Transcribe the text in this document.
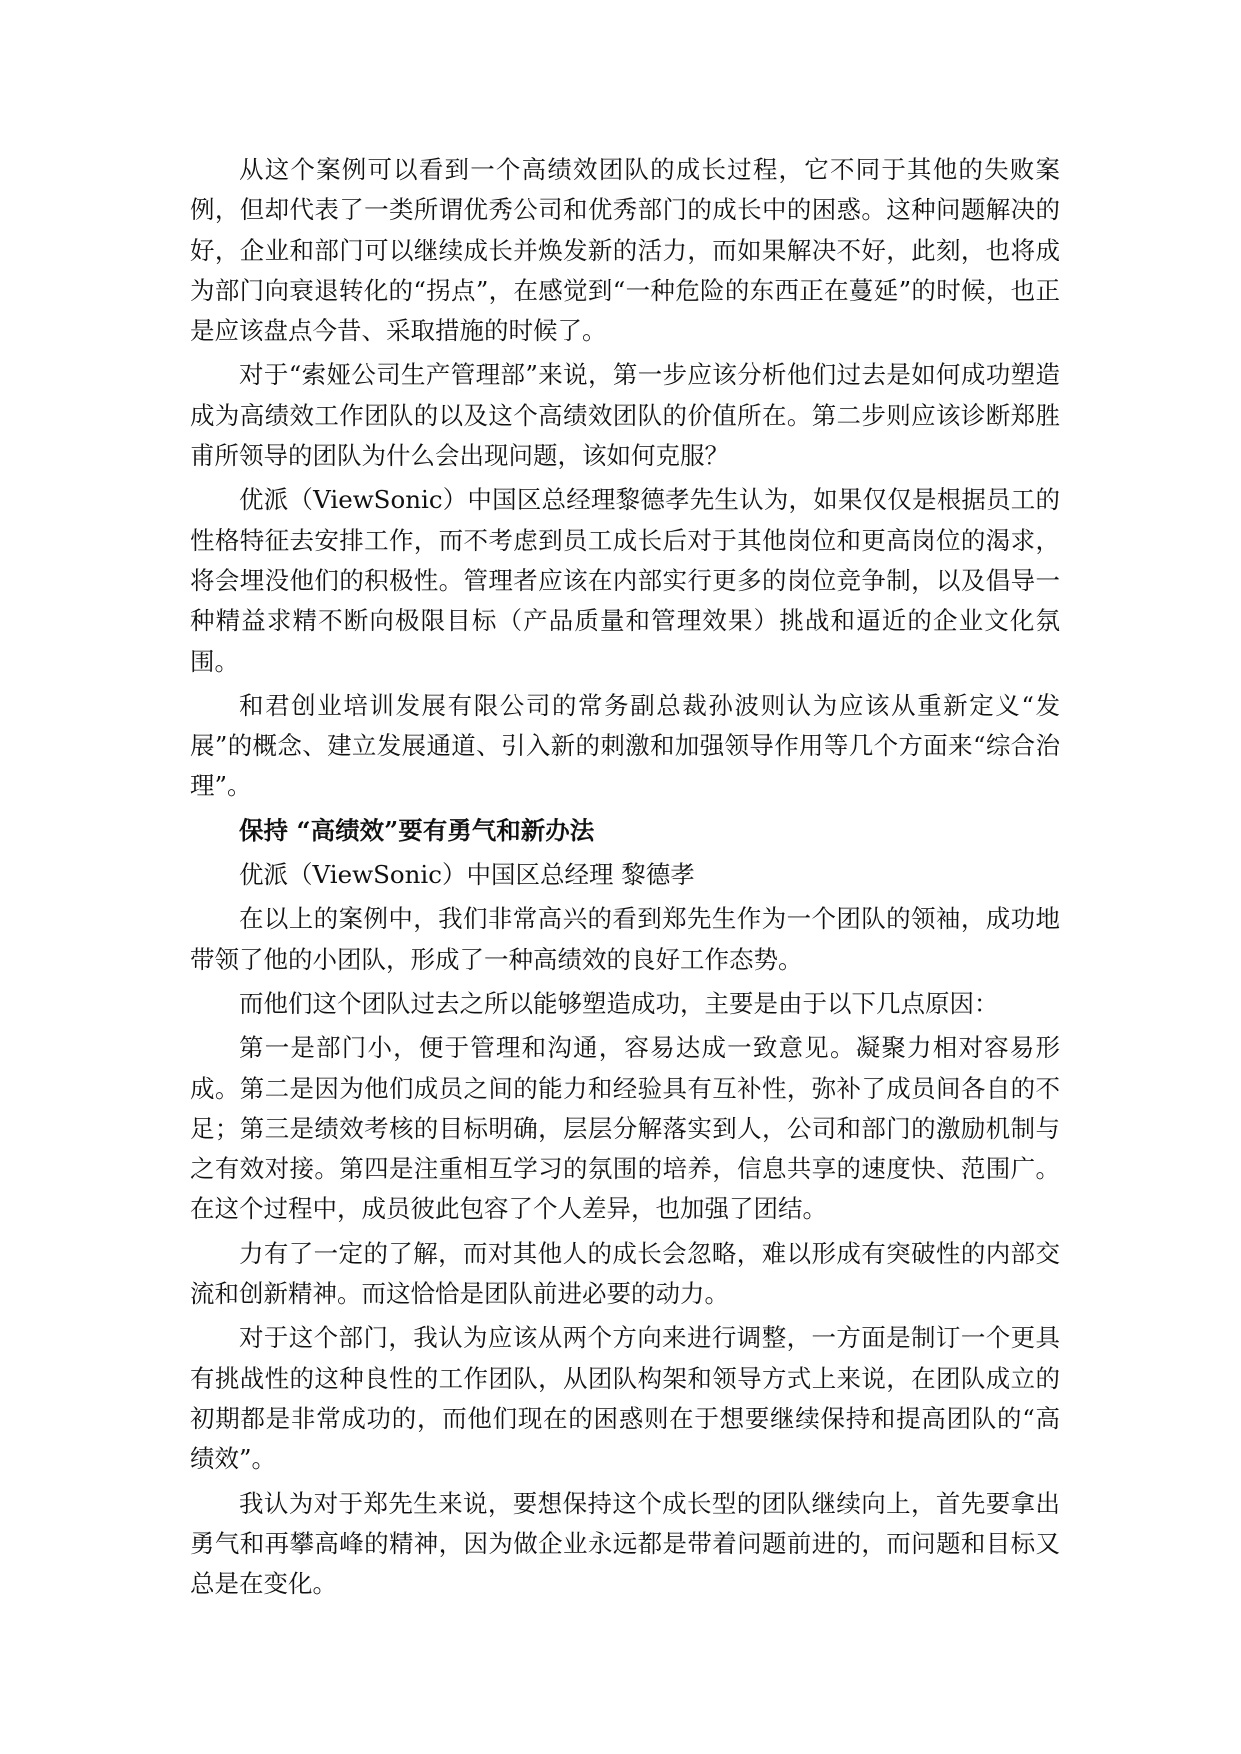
从这个案例可以看到一个高绩效团队的成长过程，它不同于其他的失败案例，但却代表了一类所谓优秀公司和优秀部门的成长中的困惑。这种问题解决的好，企业和部门可以继续成长并焕发新的活力，而如果解决不好，此刻，也将成为部门向衰退转化的“拐点”，在感觉到“一种危险的东西正在蔓延”的时候，也正是应该盘点今昔、采取措施的时候了。

对于“索娅公司生产管理部”来说，第一步应该分析他们过去是如何成功塑造成为高绩效工作团队的以及这个高绩效团队的价值所在。第二步则应该诊断郑胜甫所领导的团队为什么会出现问题，该如何克服？

优派（ViewSonic）中国区总经理黎德孝先生认为，如果仅仅是根据员工的性格特征去安排工作，而不考虑到员工成长后对于其他岗位和更高岗位的渴求，将会埋没他们的积极性。管理者应该在内部实行更多的岗位竞争制，以及倡导一种精益求精不断向极限目标（产品质量和管理效果）挑战和逼近的企业文化氛围。

和君创业培训发展有限公司的常务副总裁孙波则认为应该从重新定义“发展”的概念、建立发展通道、引入新的刺激和加强领导作用等几个方面来“综合治理”。

保持 “高绩效”要有勇气和新办法

优派（ViewSonic）中国区总经理 黎德孝

在以上的案例中，我们非常高兴的看到郑先生作为一个团队的领袖，成功地带领了他的小团队，形成了一种高绩效的良好工作态势。

而他们这个团队过去之所以能够塑造成功，主要是由于以下几点原因：

第一是部门小，便于管理和沟通，容易达成一致意见。凝聚力相对容易形成。第二是因为他们成员之间的能力和经验具有互补性，弥补了成员间各自的不足；第三是绩效考核的目标明确，层层分解落实到人，公司和部门的激励机制与之有效对接。第四是注重相互学习的氛围的培养，信息共享的速度快、范围广。在这个过程中，成员彼此包容了个人差异，也加强了团结。

力有了一定的了解，而对其他人的成长会忽略，难以形成有突破性的内部交流和创新精神。而这恰恰是团队前进必要的动力。

对于这个部门，我认为应该从两个方向来进行调整，一方面是制订一个更具有挑战性的这种良性的工作团队，从团队构架和领导方式上来说，在团队成立的初期都是非常成功的，而他们现在的困惑则在于想要继续保持和提高团队的“高绩效”。

我认为对于郑先生来说，要想保持这个成长型的团队继续向上，首先要拿出勇气和再攀高峰的精神，因为做企业永远都是带着问题前进的，而问题和目标又总是在变化。
